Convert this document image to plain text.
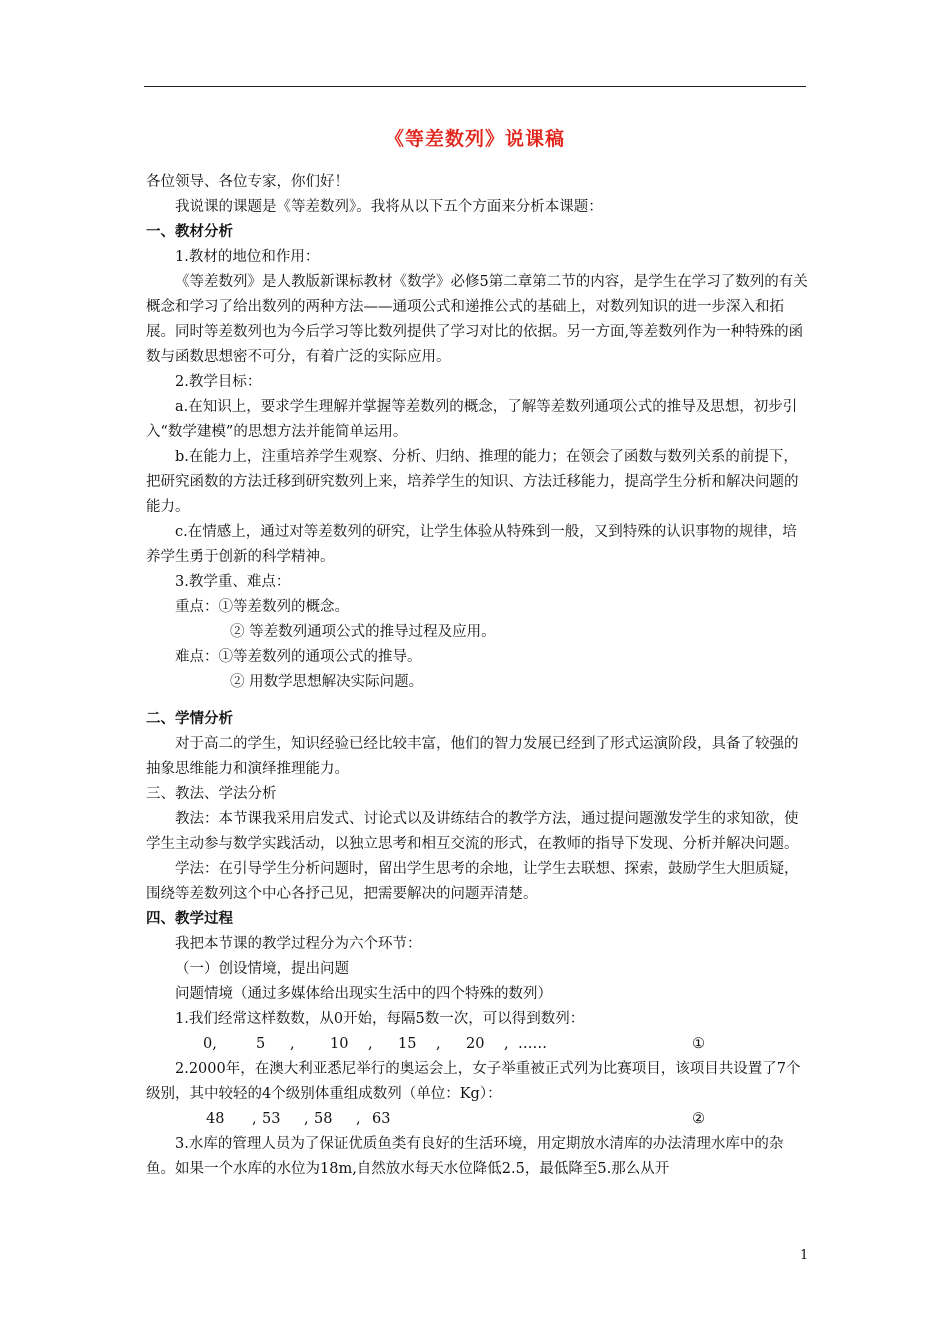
《等差数列》说课稿

各位领导、各位专家，你们好！

我说课的课题是《等差数列》。我将从以下五个方面来分析本课题：

一、教材分析

1.教材的地位和作用：

《等差数列》是人教版新课标教材《数学》必修5第二章第二节的内容，是学生在学习了数列的有关概念和学习了给出数列的两种方法——通项公式和递推公式的基础上，对数列知识的进一步深入和拓展。同时等差数列也为今后学习等比数列提供了学习对比的依据。另一方面,等差数列作为一种特殊的函数与函数思想密不可分，有着广泛的实际应用。

2.教学目标：

a.在知识上，要求学生理解并掌握等差数列的概念，了解等差数列通项公式的推导及思想，初步引入“数学建模”的思想方法并能简单运用。

b.在能力上，注重培养学生观察、分析、归纳、推理的能力；在领会了函数与数列关系的前提下，把研究函数的方法迁移到研究数列上来，培养学生的知识、方法迁移能力，提高学生分析和解决问题的能力。

c.在情感上，通过对等差数列的研究，让学生体验从特殊到一般，又到特殊的认识事物的规律，培养学生勇于创新的科学精神。

3.教学重、难点：

重点：①等差数列的概念。

② 等差数列通项公式的推导过程及应用。

难点：①等差数列的通项公式的推导。

② 用数学思想解决实际问题。

二、学情分析

对于高二的学生，知识经验已经比较丰富，他们的智力发展已经到了形式运演阶段，具备了较强的抽象思维能力和演绎推理能力。

三、教法、学法分析

教法：本节课我采用启发式、讨论式以及讲练结合的教学方法，通过提问题激发学生的求知欲，使学生主动参与数学实践活动，以独立思考和相互交流的形式，在教师的指导下发现、分析并解决问题。

学法：在引导学生分析问题时，留出学生思考的余地，让学生去联想、探索，鼓励学生大胆质疑，围绕等差数列这个中心各抒己见，把需要解决的问题弄清楚。

四、教学过程

我把本节课的教学过程分为六个环节：

（一）创设情境，提出问题

问题情境（通过多媒体给出现实生活中的四个特殊的数列）

1.我们经常这样数数，从0开始，每隔5数一次，可以得到数列：

0,	5 , 10 , 15 , 20 , ……	①

2.2000年，在澳大利亚悉尼举行的奥运会上，女子举重被正式列为比赛项目，该项目共设置了7个级别，其中较轻的4个级别体重组成数列（单位：Kg）：

48 , 53 , 58 , 63	②

3.水库的管理人员为了保证优质鱼类有良好的生活环境，用定期放水清库的办法清理水库中的杂鱼。如果一个水库的水位为18m,自然放水每天水位降低2.5，最低降至5.那么从开

1
